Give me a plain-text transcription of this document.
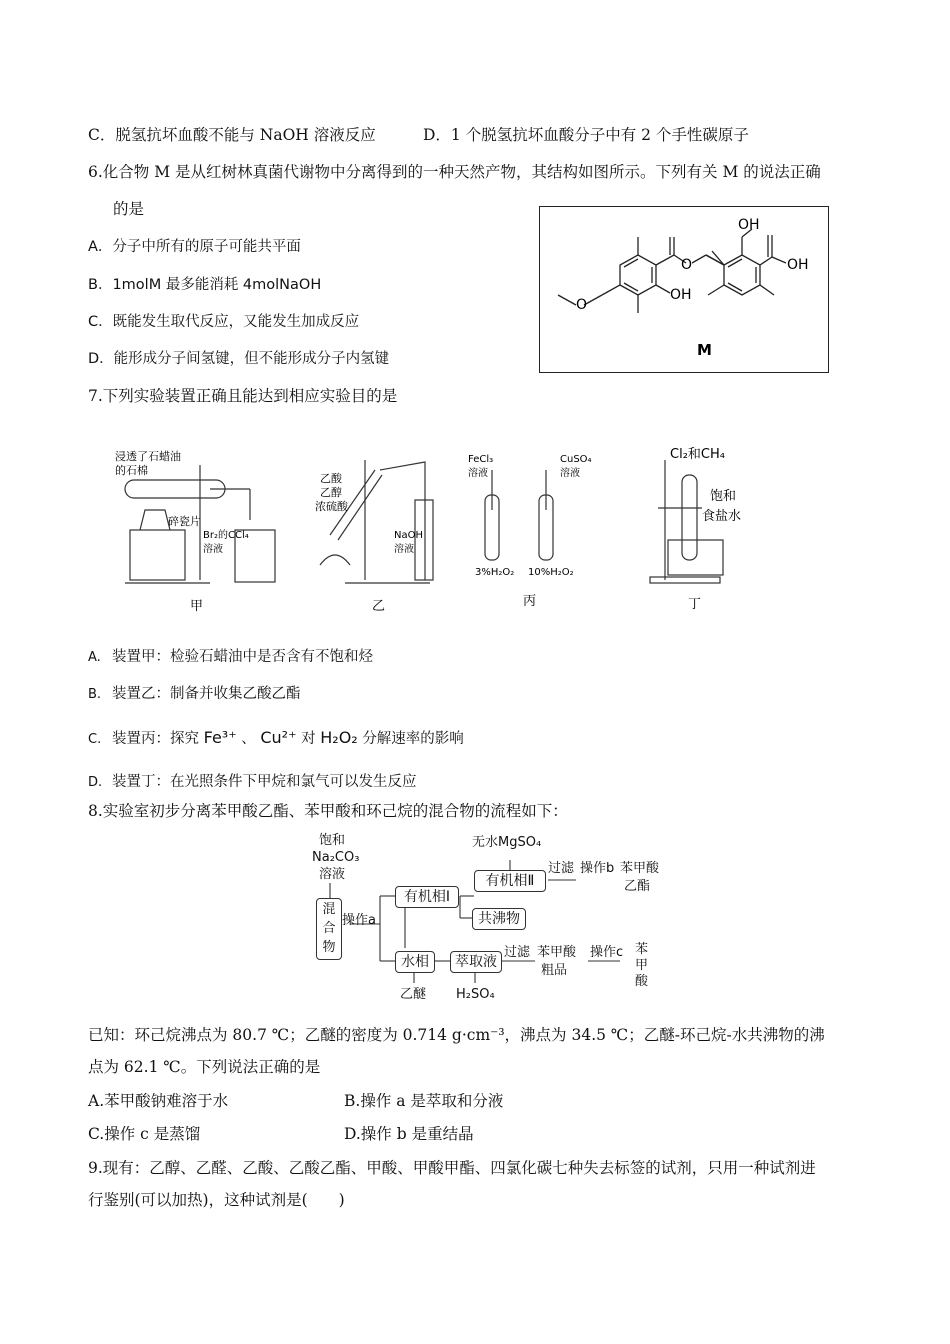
C．脱氢抗坏血酸不能与 NaOH 溶液反应	D．1 个脱氢抗坏血酸分子中有 2 个手性碳原子
6.化合物 M 是从红树林真菌代谢物中分离得到的一种天然产物，其结构如图所示。下列有关 M 的说法正确
的是
A．分子中所有的原子可能共平面
B．1molM 最多能消耗 4molNaOH
C．既能发生取代反应，又能发生加成反应
D．能形成分子间氢键，但不能形成分子内氢键
O
O
OH
OH
OH
M
7.下列实验装置正确且能达到相应实验目的是
浸透了石蜡油
的石棉
碎瓷片
Br₂的CCl₄
溶液
甲
乙酸
乙醇
浓硫酸
NaOH
溶液
乙
FeCl₃
溶液
CuSO₄
溶液
3%H₂O₂ 10%H₂O₂
丙
Cl₂和CH₄
饱和
食盐水
丁
A. 装置甲：检验石蜡油中是否含有不饱和烃
B. 装置乙：制备并收集乙酸乙酯
C. 装置丙：探究 Fe³⁺ 、 Cu²⁺ 对 H₂O₂ 分解速率的影响
D. 装置丁：在光照条件下甲烷和氯气可以发生反应
8.实验室初步分离苯甲酸乙酯、苯甲酸和环己烷的混合物的流程如下：
饱和
Na₂CO₃
溶液
混合物
操作a
有机相Ⅰ
无水MgSO₄
有机相Ⅱ
过滤 操作b 苯甲酸
乙酯
共沸物
水相	萃取液
过滤 苯甲酸
粗品
操作c 苯甲酸
乙醚 H₂SO₄
已知：环己烷沸点为 80.7 ℃；乙醚的密度为 0.714 g·cm⁻³，沸点为 34.5 ℃；乙醚-环己烷-水共沸物的沸
点为 62.1 ℃。下列说法正确的是
A.苯甲酸钠难溶于水	B.操作 a 是萃取和分液
C.操作 c 是蒸馏	D.操作 b 是重结晶
9.现有：乙醇、乙醛、乙酸、乙酸乙酯、甲酸、甲酸甲酯、四氯化碳七种失去标签的试剂，只用一种试剂进
行鉴别(可以加热)，这种试剂是(　　)
